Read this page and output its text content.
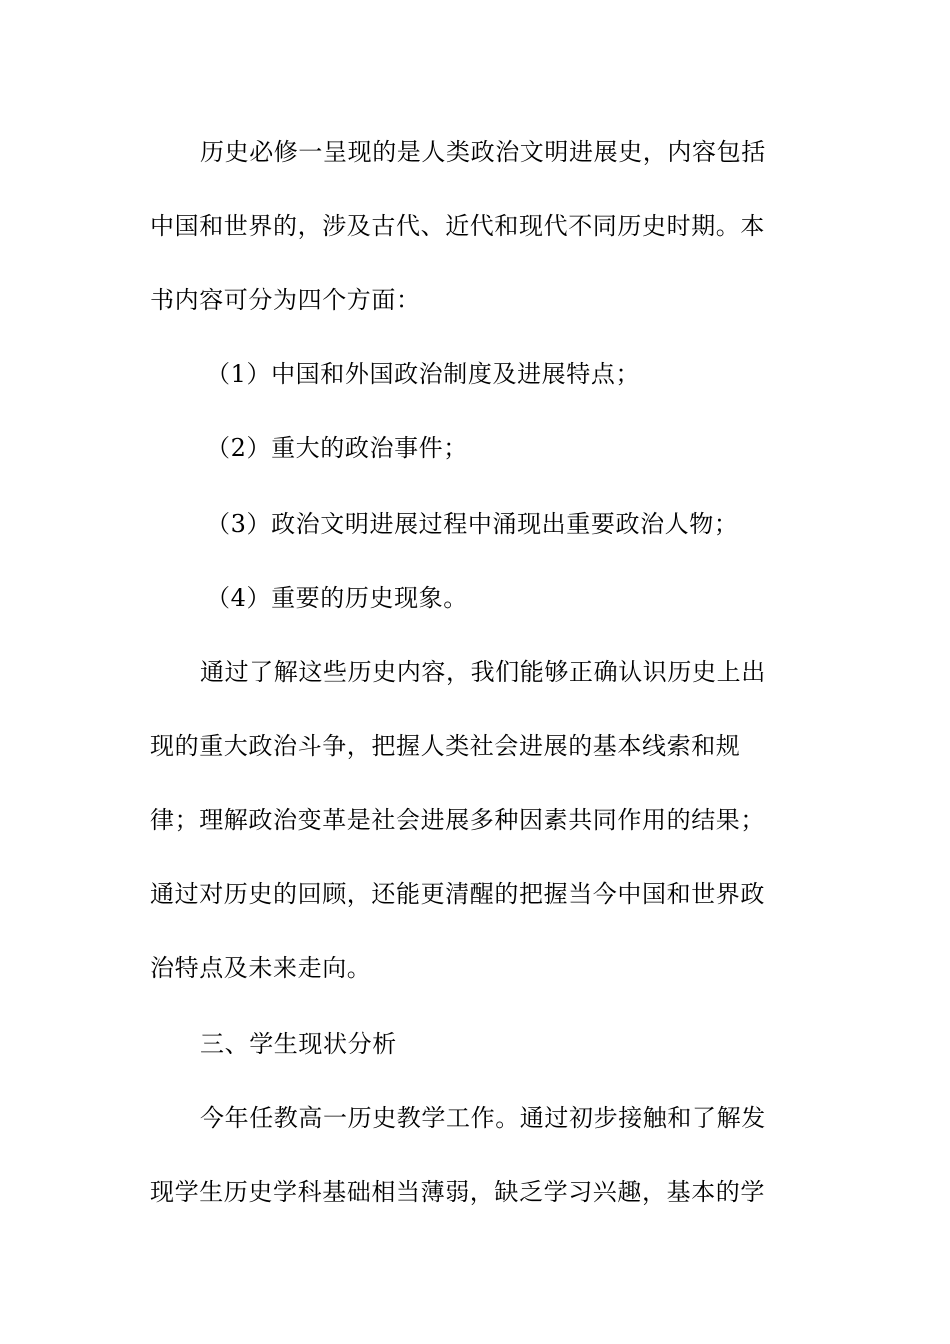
历史必修一呈现的是人类政治文明进展史，内容包括
中国和世界的，涉及古代、近代和现代不同历史时期。本
书内容可分为四个方面：
（1）中国和外国政治制度及进展特点；
（2）重大的政治事件；
（3）政治文明进展过程中涌现出重要政治人物；
（4）重要的历史现象。
通过了解这些历史内容，我们能够正确认识历史上出
现的重大政治斗争，把握人类社会进展的基本线索和规
律；理解政治变革是社会进展多种因素共同作用的结果；
通过对历史的回顾，还能更清醒的把握当今中国和世界政
治特点及未来走向。
三、学生现状分析
今年任教高一历史教学工作。通过初步接触和了解发
现学生历史学科基础相当薄弱，缺乏学习兴趣，基本的学
